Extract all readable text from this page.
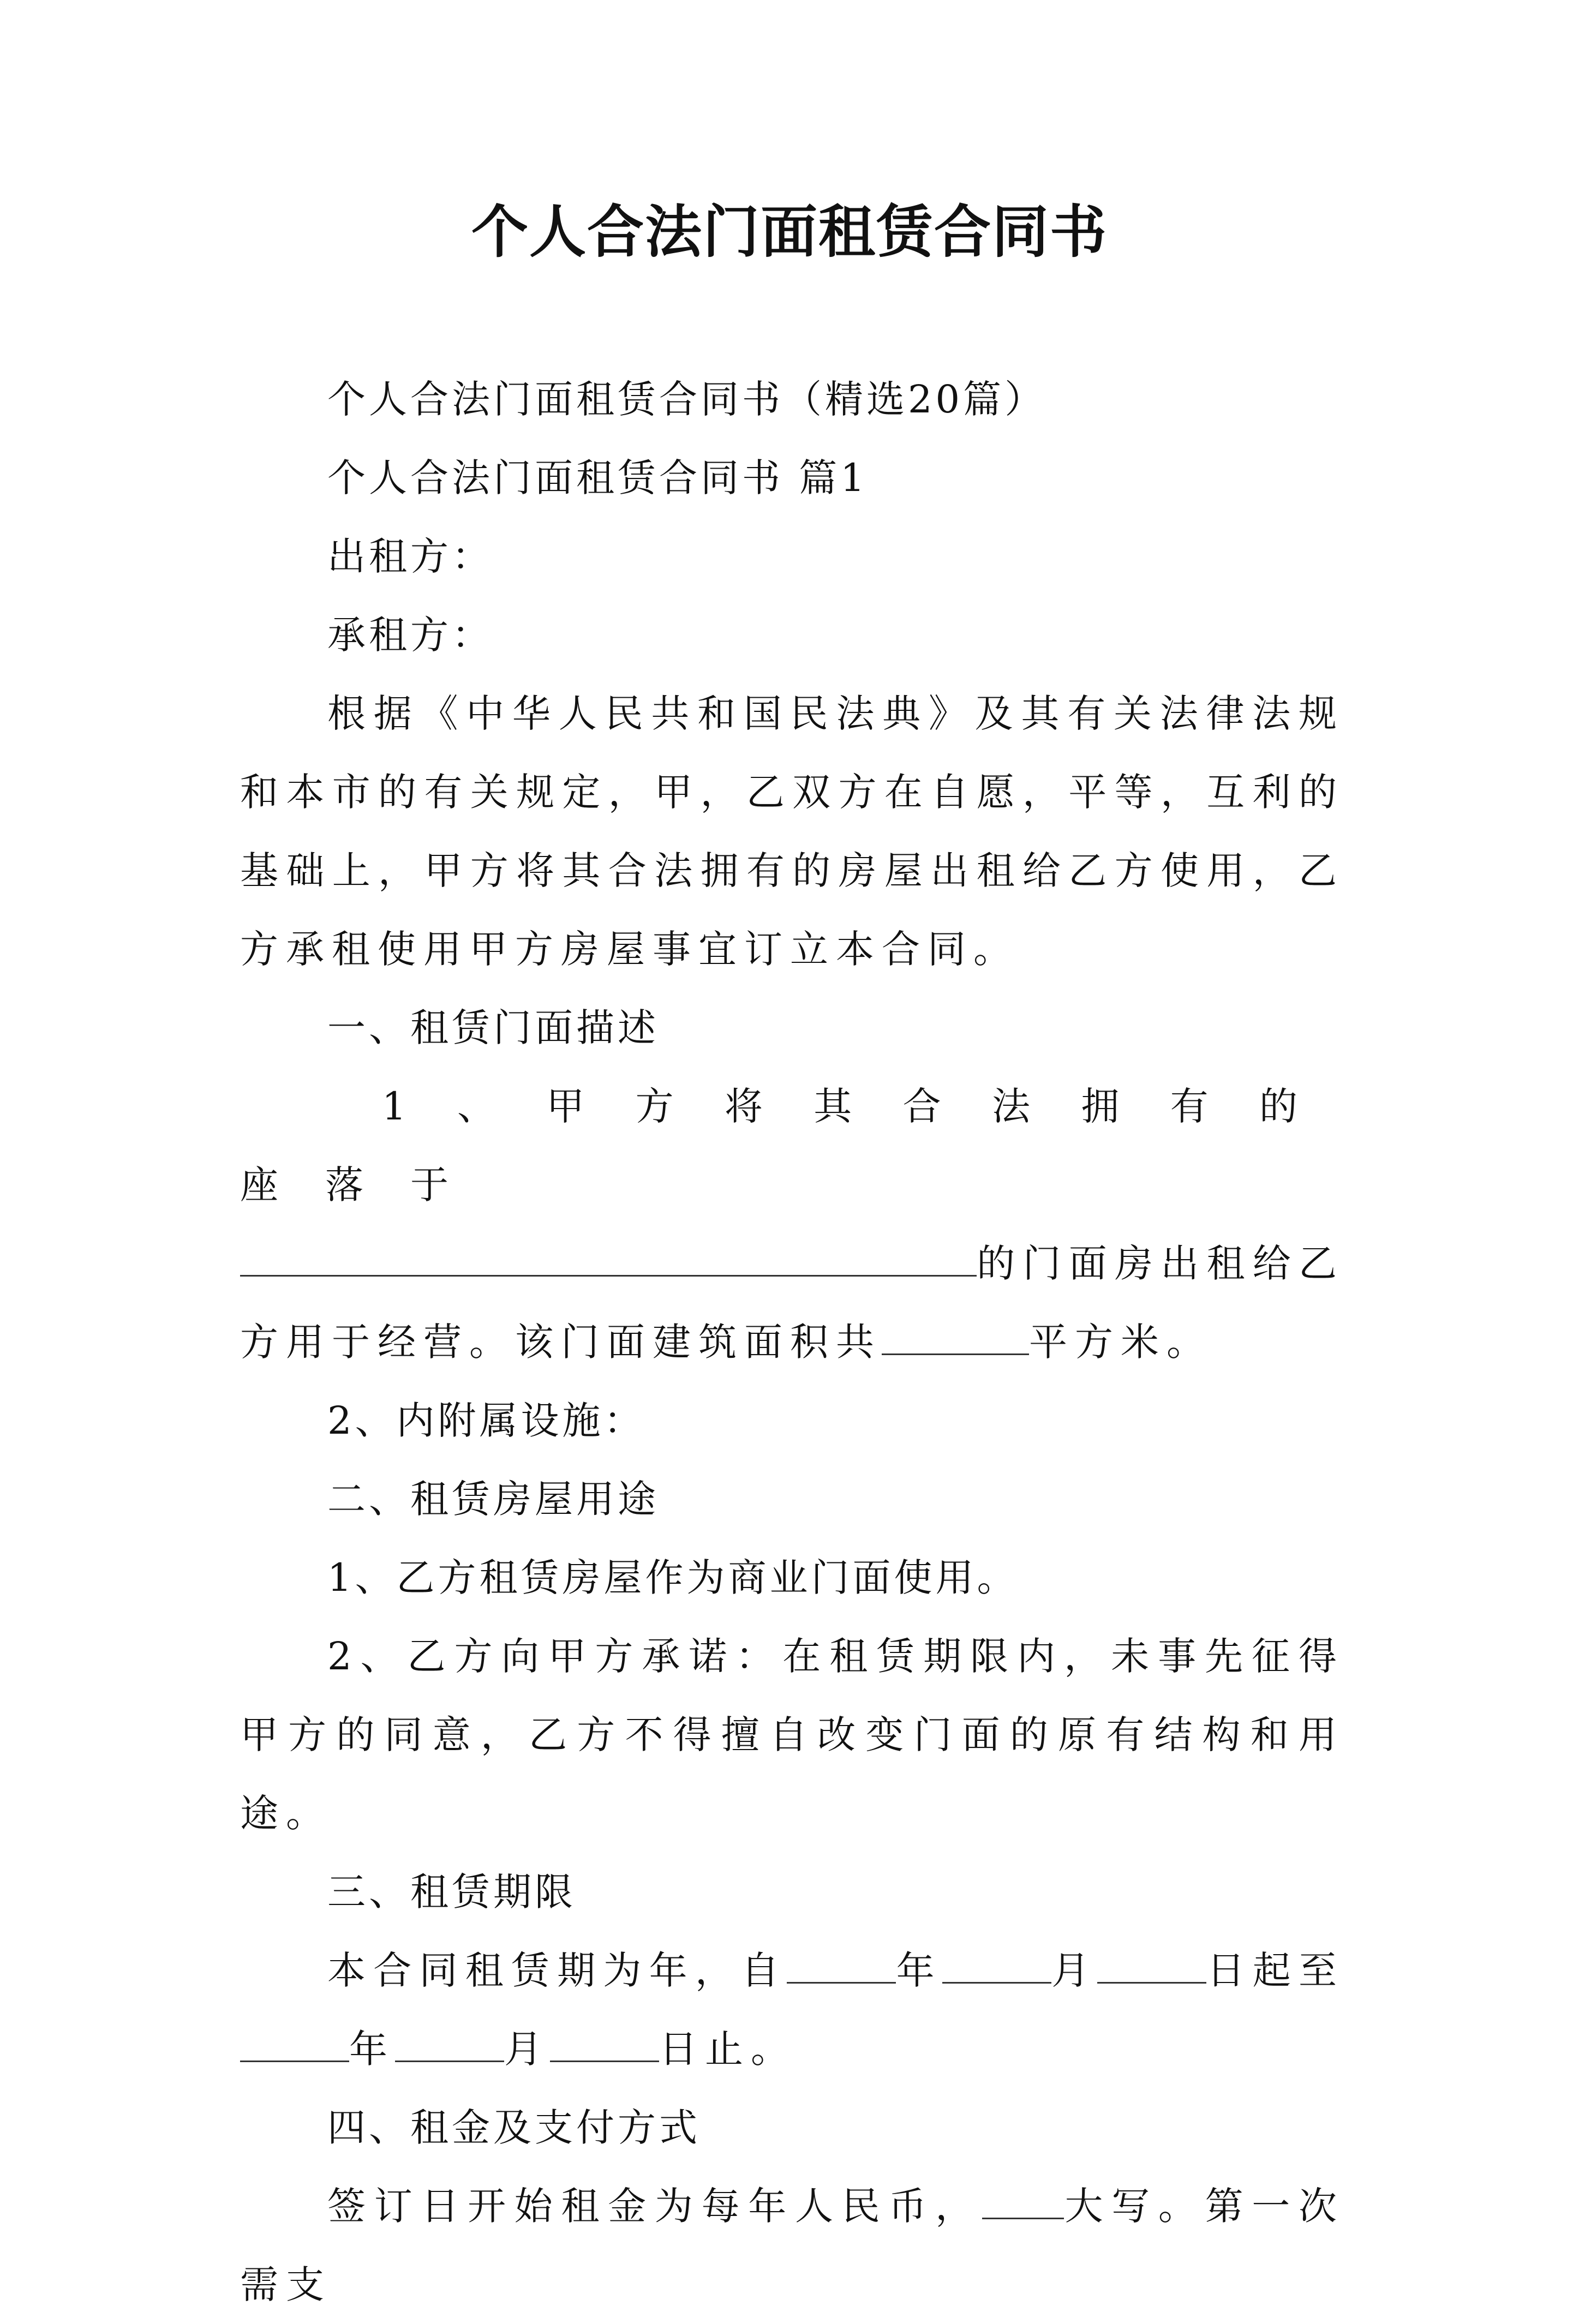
个人合法门面租赁合同书

个人合法门面租赁合同书（精选20篇）

个人合法门面租赁合同书 篇1

出租方：

承租方：

根据《中华人民共和国民法典》及其有关法律法规和本市的有关规定，甲，乙双方在自愿，平等，互利的基础上，甲方将其合法拥有的房屋出租给乙方使用，乙方承租使用甲方房屋事宜订立本合同。

一、租赁门面描述

1、甲方将其合法拥有的座落于

的门面房出租给乙方用于经营。该门面建筑面积共	平方米。

2、内附属设施：

二、租赁房屋用途

1、乙方租赁房屋作为商业门面使用。

2、乙方向甲方承诺：在租赁期限内，未事先征得甲方的同意，乙方不得擅自改变门面的原有结构和用途。

三、租赁期限

本合同租赁期为年，自	年	月	日起至年	月	日止。

四、租金及支付方式

签订日开始租金为每年人民币， 大写。第一次需支
